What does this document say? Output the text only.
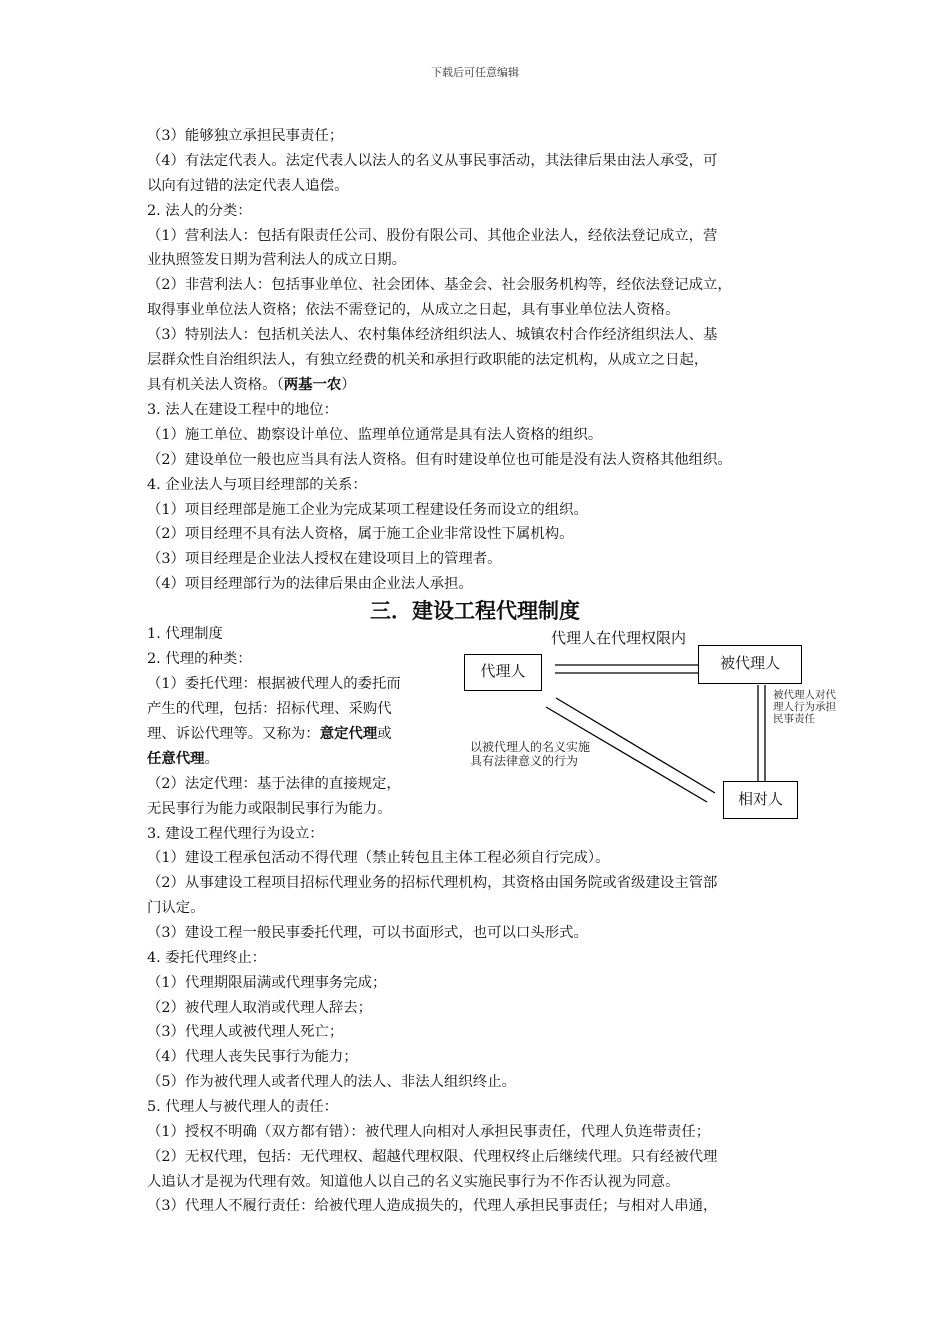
下载后可任意编辑
（3）能够独立承担民事责任；
（4）有法定代表人。法定代表人以法人的名义从事民事活动，其法律后果由法人承受，可
以向有过错的法定代表人追偿。
2. 法人的分类：
（1）营利法人：包括有限责任公司、股份有限公司、其他企业法人，经依法登记成立，营
业执照签发日期为营利法人的成立日期。
（2）非营利法人：包括事业单位、社会团体、基金会、社会服务机构等，经依法登记成立，
取得事业单位法人资格；依法不需登记的，从成立之日起，具有事业单位法人资格。
（3）特别法人：包括机关法人、农村集体经济组织法人、城镇农村合作经济组织法人、基
层群众性自治组织法人，有独立经费的机关和承担行政职能的法定机构，从成立之日起，
具有机关法人资格。（两基一农）
3. 法人在建设工程中的地位：
（1）施工单位、勘察设计单位、监理单位通常是具有法人资格的组织。
（2）建设单位一般也应当具有法人资格。但有时建设单位也可能是没有法人资格其他组织。
4. 企业法人与项目经理部的关系：
（1）项目经理部是施工企业为完成某项工程建设任务而设立的组织。
（2）项目经理不具有法人资格，属于施工企业非常设性下属机构。
（3）项目经理是企业法人授权在建设项目上的管理者。
（4）项目经理部行为的法律后果由企业法人承担。
三．建设工程代理制度
1. 代理制度
2. 代理的种类：
（1）委托代理：根据被代理人的委托而
产生的代理，包括：招标代理、采购代
理、诉讼代理等。又称为：意定代理或
任意代理。
（2）法定代理：基于法律的直接规定，
无民事行为能力或限制民事行为能力。
代理人在代理权限内
代理人	被代理人
相对人
被代理人对代
理人行为承担
民事责任
以被代理人的名义实施
具有法律意义的行为
3. 建设工程代理行为设立：
（1）建设工程承包活动不得代理（禁止转包且主体工程必须自行完成）。
（2）从事建设工程项目招标代理业务的招标代理机构，其资格由国务院或省级建设主管部
门认定。
（3）建设工程一般民事委托代理，可以书面形式，也可以口头形式。
4. 委托代理终止：
（1）代理期限届满或代理事务完成；
（2）被代理人取消或代理人辞去；
（3）代理人或被代理人死亡；
（4）代理人丧失民事行为能力；
（5）作为被代理人或者代理人的法人、非法人组织终止。
5. 代理人与被代理人的责任：
（1）授权不明确（双方都有错）：被代理人向相对人承担民事责任，代理人负连带责任；
（2）无权代理，包括：无代理权、超越代理权限、代理权终止后继续代理。只有经被代理
人追认才是视为代理有效。知道他人以自己的名义实施民事行为不作否认视为同意。
（3）代理人不履行责任：给被代理人造成损失的，代理人承担民事责任；与相对人串通，
